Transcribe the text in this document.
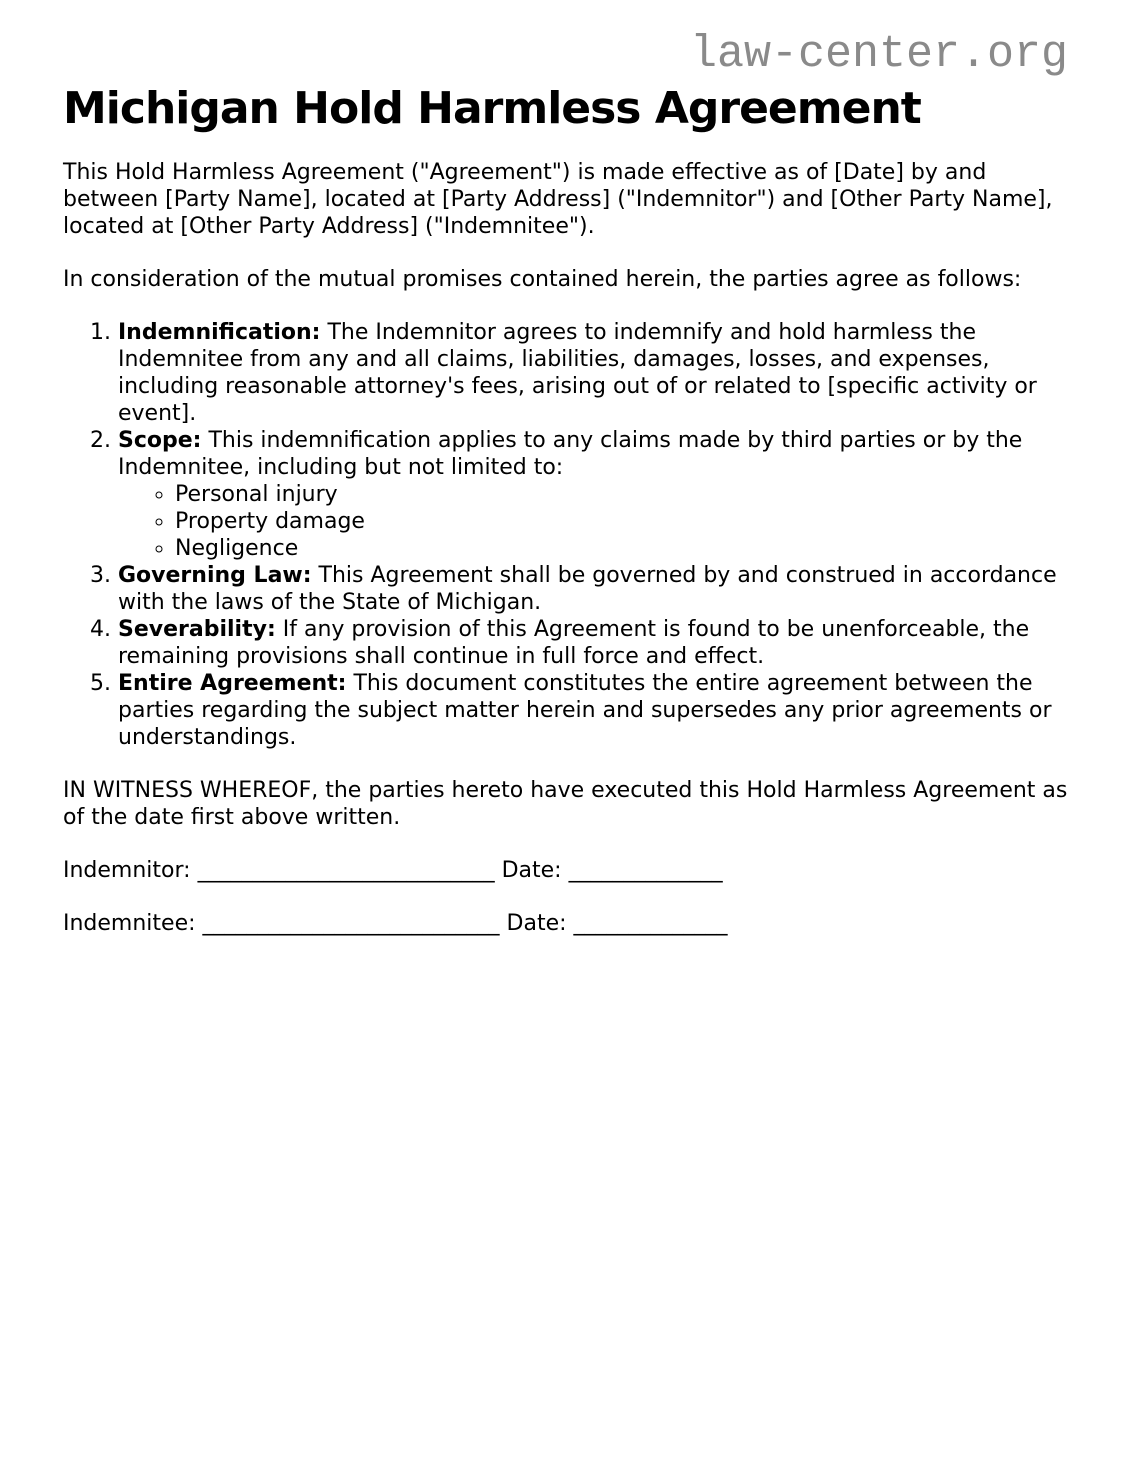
law-center.org
Michigan Hold Harmless Agreement

This Hold Harmless Agreement ("Agreement") is made effective as of [Date] by and between [Party Name], located at [Party Address] ("Indemnitor") and [Other Party Name], located at [Other Party Address] ("Indemnitee").

In consideration of the mutual promises contained herein, the parties agree as follows:

1. Indemnification: The Indemnitor agrees to indemnify and hold harmless the Indemnitee from any and all claims, liabilities, damages, losses, and expenses, including reasonable attorney's fees, arising out of or related to [specific activity or event].
2. Scope: This indemnification applies to any claims made by third parties or by the Indemnitee, including but not limited to:
◦ Personal injury
◦ Property damage
◦ Negligence
3. Governing Law: This Agreement shall be governed by and construed in accordance with the laws of the State of Michigan.
4. Severability: If any provision of this Agreement is found to be unenforceable, the remaining provisions shall continue in full force and effect.
5. Entire Agreement: This document constitutes the entire agreement between the parties regarding the subject matter herein and supersedes any prior agreements or understandings.

IN WITNESS WHEREOF, the parties hereto have executed this Hold Harmless Agreement as of the date first above written.

Indemnitor: ___________________________ Date: ______________

Indemnitee: ___________________________ Date: ______________
